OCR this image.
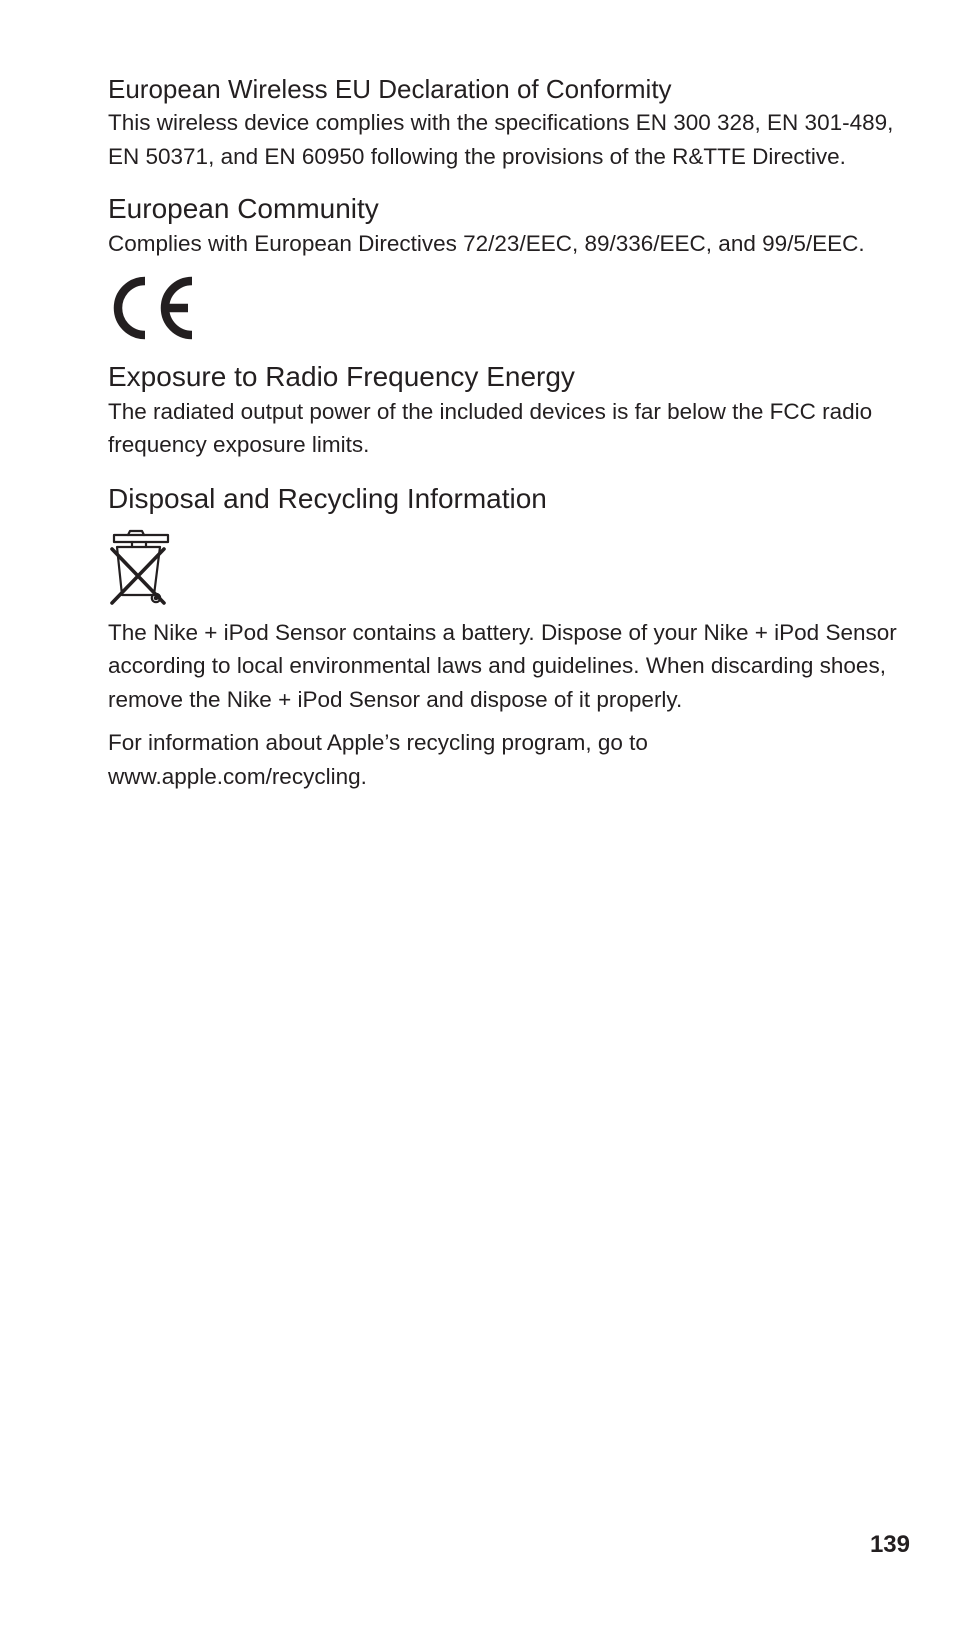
European Wireless EU Declaration of Conformity

This wireless device complies with the specifications EN 300 328, EN 301-489, EN 50371, and EN 60950 following the provisions of the R&TTE Directive.

European Community

Complies with European Directives 72/23/EEC, 89/336/EEC, and 99/5/EEC.

Exposure to Radio Frequency Energy

The radiated output power of the included devices is far below the FCC radio frequency exposure limits.

Disposal and Recycling Information

The Nike + iPod Sensor contains a battery. Dispose of your Nike + iPod Sensor according to local environmental laws and guidelines. When discarding shoes, remove the Nike + iPod Sensor and dispose of it properly.

For information about Apple’s recycling program, go to www.apple.com/recycling.

139
